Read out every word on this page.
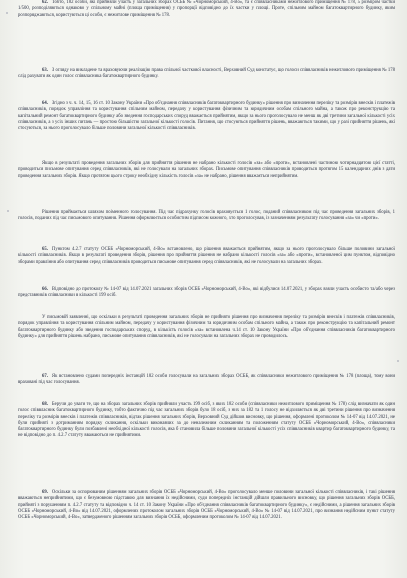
62. Тобто, 182 особи, які прийняли участь у загальних зборах ОСББ № «Чорноморський, 4-Во», та є співвласниками нежитлового приміщення № 178, 5 розміром частки 1/500, розподіляються однаково у спільному майні (площа приміщення) у пропорції відповідно до їх частки у площі. Проте, спільним майном багатоквартирного будинку, яким розпоряджаються, користуються ці особи, є нежитлове приміщення № 178.

63. З огляду на викладене та враховуючи реалізацію права спільної часткової власності, Верховний Суд констатує, що голоси співвласників нежитлового приміщення № 178 слід рахувати як один голос співвласника багатоквартирного будинку.

64. Згідно з ч. ч. 14, 15, 16 ст. 10 Закону України «Про об'єднання співвласників багатоквартирного будинку» рішення про визначення переліку та розмірів внесків і платежів співвласників, порядок управління та користування спільним майном, передачу у користування фізичним та юридичним особам спільного майна, а також про реконструкцію та капітальний ремонт багатоквартирного будинку або зведення господарських споруд вважається прийнятим, якщо за нього проголосувало не менш як дві третини загальної кількості усіх співвласників, а з усіх інших питань — простою більшістю загальної кількості голосів. Питання, що стосуються прийняття рішень, вважаються такими, що у разі прийняття рішень, які стосуються, за нього проголосувало більше половини загальної кількості співвласників.

Якщо в результаті проведення загальних зборів для прийняття рішення не набрано кількості голосів «за» або «проти», встановлені частиною чотирнадцятою цієї статті, проводиться письмове опитування серед співвласників, які не голосували на загальних зборах. Письмове опитування співвласників проводиться протягом 15 календарних днів з дати проведення загальних зборів. Якщо протягом цього строку необхідну кількість голосів «за» не набрано, рішення вважається неприйнятим.

Рішення приймається шляхом поіменного голосування. Під час підрахунку голосів враховується 1 голос, поданий співвласником під час проведення загальних зборів, 1 голосів, поданих під час письмового опитування. Рішення оформлюється особистим підписом кожного, хто проголосував, із зазначенням результату голосування «за» чи «проти».

65. Пунктом 4.2.7 статуту ОСББ «Чорноморський, 4-Во» встановлено, що рішення вважається прийнятим, якщо за нього проголосувало більше половини загальної кількості співвласників. Якщо в результаті проведення зборів, рішення про прийняття рішення не набрано кількості голосів «за» або «проти», встановленої цим пунктом, відповідно зборами правління або опитування серед співвласників проводиться письмове опитування серед співвласників, які не голосували на загальних зборах.

66. Відповідно до протоколу № 14-07 від 14.07.2021 загальних зборів ОСББ «Чорноморський, 4-Во», які відбулися 14.07.2021, у зборах взяли участь особисто та/або через представників співвласники в кількості 199 осіб.

У письмовій заявленні, що оскільки в результаті проведення загальних зборів не прийнято рішення про визначення переліку та розмірів внесків і платежів співвласників, порядок управління та користування спільним майном, передачу у користування фізичним та юридичним особам спільного майна, а також про реконструкцію та капітальний ремонт багатоквартирного будинку або зведення господарських споруд, в кількість голосів «за» встановлена ч.14 ст. 10 Закону України «Про об'єднання співвласників багатоквартирного будинку» для прийняття рішень набрано, письмове опитування співвласників, які не голосували на загальних зборах не проводилось.

67. Як встановлено судами попередніх інстанцій 182 особи голосували на загальних зборах ОСББ, як співвласники нежитлового приміщення № 178 (площа), тому вони враховані під час голосування.

68. Беручи до уваги те, що на зборах загальних зборів прийняли участь 199 осіб, з яких 182 особи (співвласники нежитлового приміщення № 178) слід визначати як один голос співвласник багатоквартирного будинку, тобто фактично під час загальних зборів було 18 осіб, з них за 182 та 1 голосу не відхиляється як дві третини рішення про визначення переліку та розмірів внесків і платежів співвласників, відтак рішення загальних зборів, Верховний Суд дійшов висновку, що рішення, оформлені протоколом № 14-07 від 14.07.2021, не були прийняті з дотриманням порядку скликання, оскільки виконавчих за до неналежним скликанням та положенням статуту ОСББ «Чорноморський, 4-Во», співвласники багатоквартирного будинку були позбавлені необхідної кількості голосів, яка б становила більше половини загальної кількості усіх співвласників квартир багатоквартирного будинку, та не відповідно до п. 4.2.7 статуту вважаються не прийнятими.

69. Оскільки за оспорюваним рішенням загальних зборів ОСББ «Чорноморський, 4-Во» проголосувало менше половини загальної кількості співвласників, і такі рішення вважаються неприйнятими, що є безумовною підставою для визнання їх недійсними, суди попередніх інстанцій дійшли правильного висновку, що рішення загальних зборів ОСББ, прийняті з порушенням п. 4.2.7 статуту та відповідно ч. 14 ст. 10 Закону України «Про об'єднання співвласників багатоквартирного будинку», є недійсними, а рішення загальних зборів ОСББ «Чорноморський, 4-Во» від 14.07.2021, оформлених протоколом загальних зборів ОСББ «Чорноморський, 4-Во» № 14-07 від 14.07.2021, про визнання недійсним пункт статуту ОСББ «Чорноморський, 4-Во», затвердженого рішенням загальних зборів ОСББ, оформленим протоколом № 14-07 від 14.07.2021.
